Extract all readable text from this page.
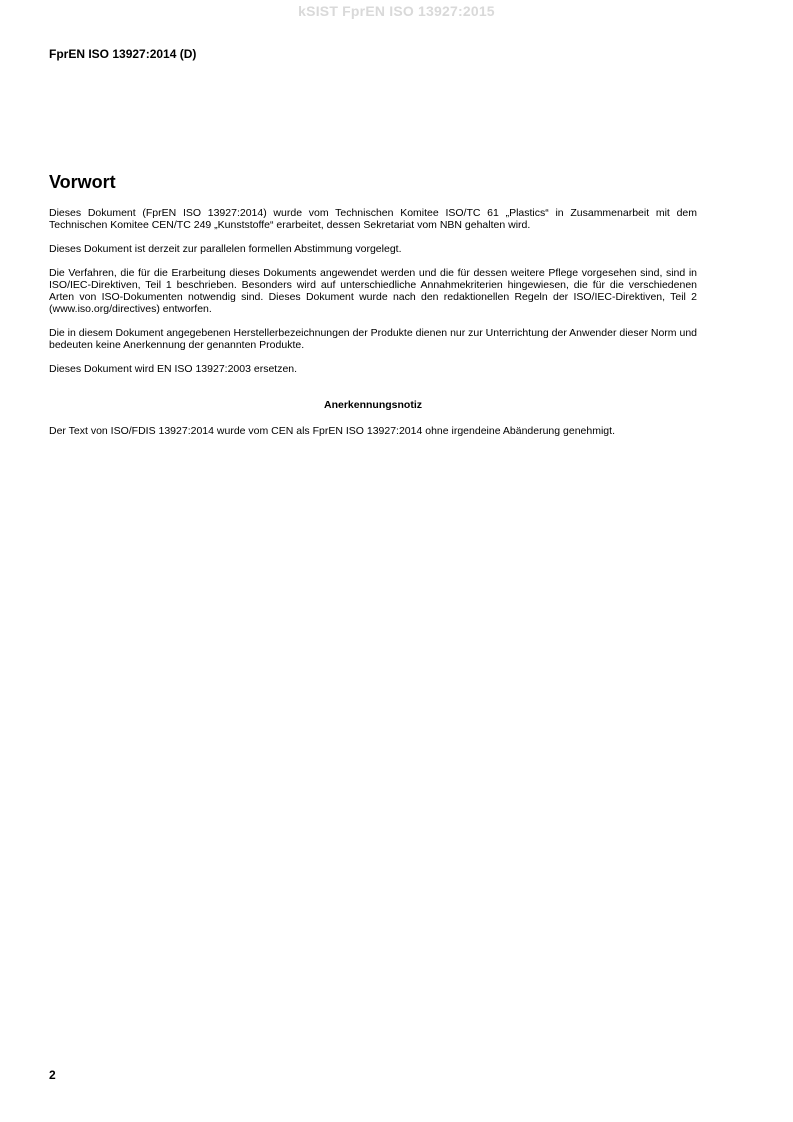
kSIST FprEN ISO 13927:2015
FprEN ISO 13927:2014 (D)
Vorwort

Dieses Dokument (FprEN ISO 13927:2014) wurde vom Technischen Komitee ISO/TC 61 „Plastics“ in Zusammenarbeit mit dem Technischen Komitee CEN/TC 249 „Kunststoffe“ erarbeitet, dessen Sekretariat vom NBN gehalten wird.

Dieses Dokument ist derzeit zur parallelen formellen Abstimmung vorgelegt.

Die Verfahren, die für die Erarbeitung dieses Dokuments angewendet werden und die für dessen weitere Pflege vorgesehen sind, sind in ISO/IEC-Direktiven, Teil 1 beschrieben. Besonders wird auf unterschiedliche Annahmekriterien hingewiesen, die für die verschiedenen Arten von ISO-Dokumenten notwendig sind. Dieses Dokument wurde nach den redaktionellen Regeln der ISO/IEC-Direktiven, Teil 2 (www.iso.org/directives) entworfen.

Die in diesem Dokument angegebenen Herstellerbezeichnungen der Produkte dienen nur zur Unterrichtung der Anwender dieser Norm und bedeuten keine Anerkennung der genannten Produkte.

Dieses Dokument wird EN ISO 13927:2003 ersetzen.

Anerkennungsnotiz

Der Text von ISO/FDIS 13927:2014 wurde vom CEN als FprEN ISO 13927:2014 ohne irgendeine Abänderung genehmigt.

2
